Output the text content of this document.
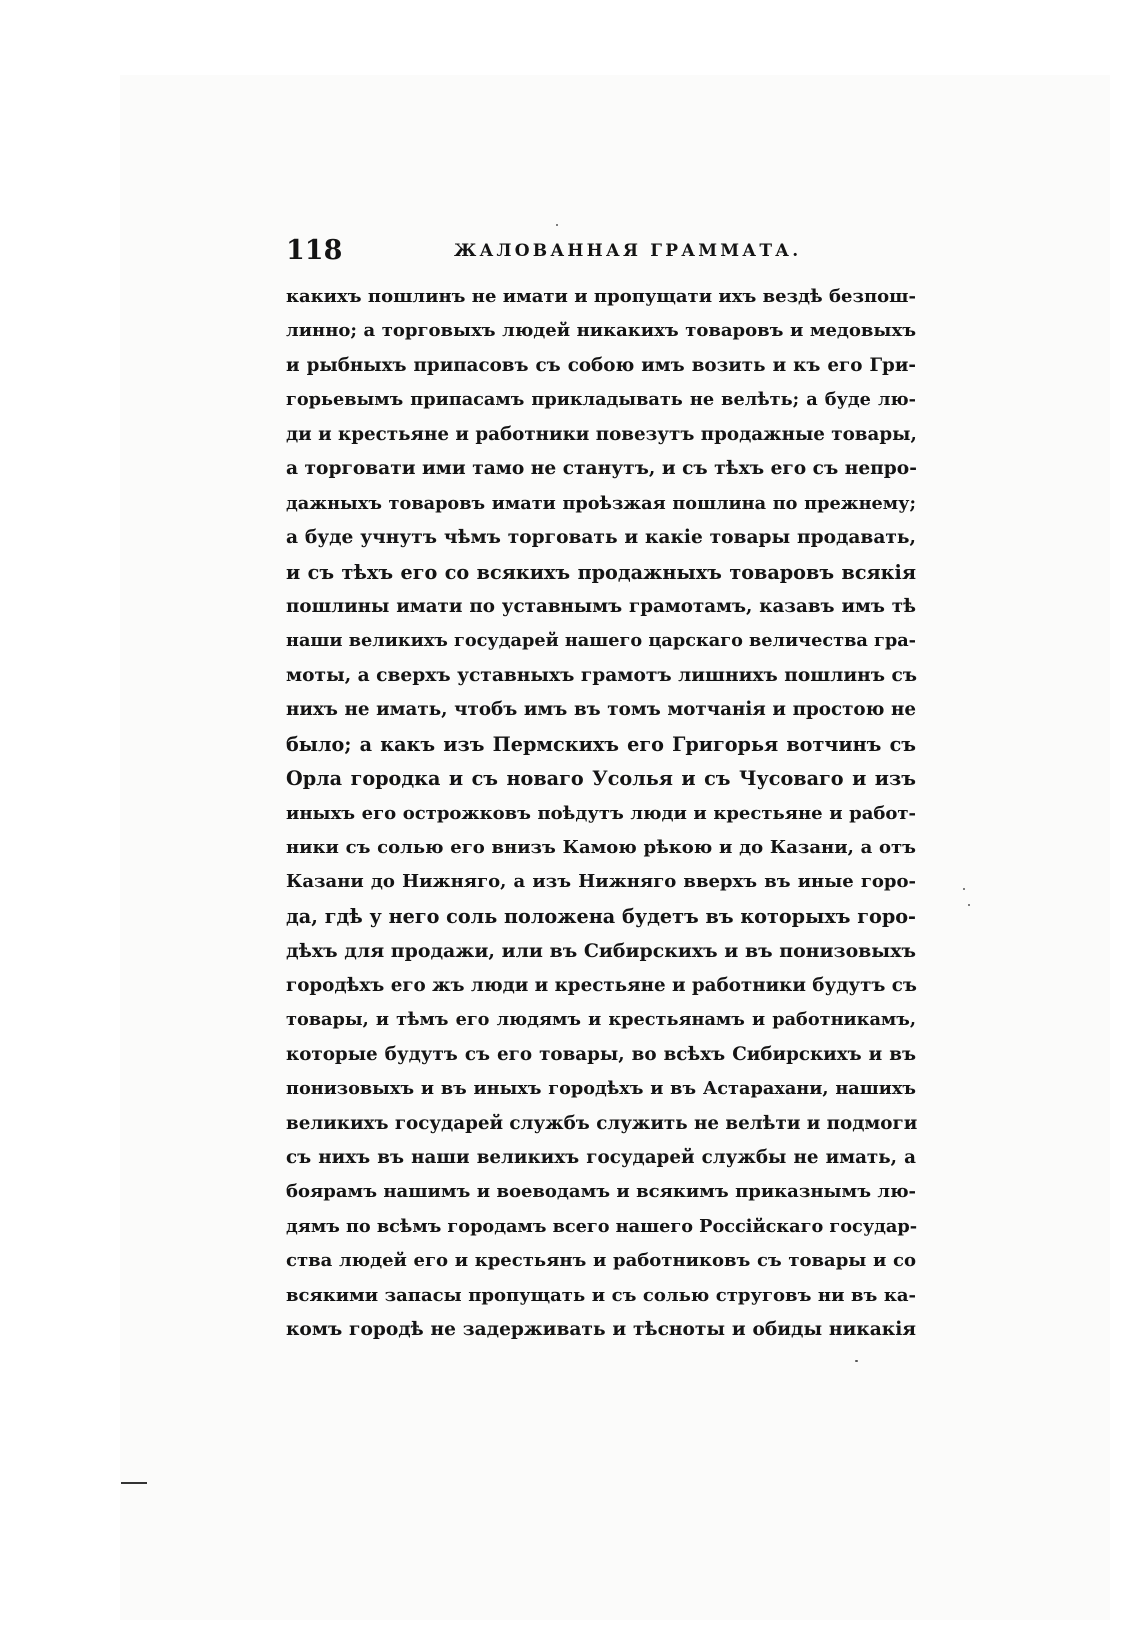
118	ЖАЛОВАННАЯ ГРАММАТА.
какихъ пошлинъ не имати и пропущати ихъ вездѣ безпош-
линно; а торговыхъ людей никакихъ товаровъ и медовыхъ
и рыбныхъ припасовъ съ собою имъ возить и къ его Гри-
горьевымъ припасамъ прикладывать не велѣть; а буде лю-
ди и крестьяне и работники повезутъ продажные товары,
а торговати ими тамо не станутъ, и съ тѣхъ его съ непро-
дажныхъ товаровъ имати проѣзжая пошлина по прежнему;
а буде учнутъ чѣмъ торговать и какіе товары продавать,
и съ тѣхъ его со всякихъ продажныхъ товаровъ всякія
пошлины имати по уставнымъ грамотамъ, казавъ имъ тѣ
наши великихъ государей нашего царскаго величества гра-
моты, а сверхъ уставныхъ грамотъ лишнихъ пошлинъ съ
нихъ не имать, чтобъ имъ въ томъ мотчанія и простою не
было; а какъ изъ Пермскихъ его Григорья вотчинъ съ
Орла городка и съ новаго Усолья и съ Чусоваго и изъ
иныхъ его острожковъ поѣдутъ люди и крестьяне и работ-
ники съ солью его внизъ Камою рѣкою и до Казани, а отъ
Казани до Нижняго, а изъ Нижняго вверхъ въ иные горо-
да, гдѣ у него соль положена будетъ въ которыхъ горо-
дѣхъ для продажи, или въ Сибирскихъ и въ понизовыхъ
городѣхъ его жъ люди и крестьяне и работники будутъ съ
товары, и тѣмъ его людямъ и крестьянамъ и работникамъ,
которые будутъ съ его товары, во всѣхъ Сибирскихъ и въ
понизовыхъ и въ иныхъ городѣхъ и въ Астарахани, нашихъ
великихъ государей службъ служить не велѣти и подмоги
съ нихъ въ наши великихъ государей службы не имать, а
боярамъ нашимъ и воеводамъ и всякимъ приказнымъ лю-
дямъ по всѣмъ городамъ всего нашего Россійскаго государ-
ства людей его и крестьянъ и работниковъ съ товары и со
всякими запасы пропущать и съ солью струговъ ни въ ка-
комъ городѣ не задерживать и тѣсноты и обиды никакія
